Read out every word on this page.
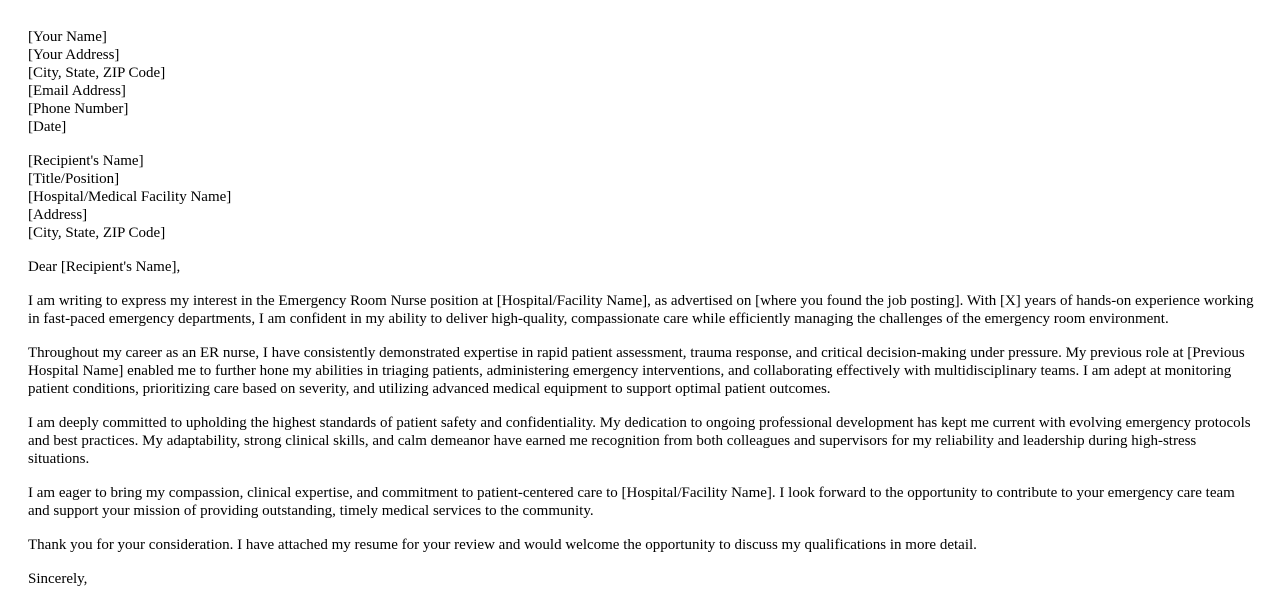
[Your Name]
[Your Address]
[City, State, ZIP Code]
[Email Address]
[Phone Number]
[Date]
[Recipient's Name]
[Title/Position]
[Hospital/Medical Facility Name]
[Address]
[City, State, ZIP Code]

Dear [Recipient's Name],

I am writing to express my interest in the Emergency Room Nurse position at [Hospital/Facility Name], as advertised on [where you found the job posting]. With [X] years of hands-on experience working in fast-paced emergency departments, I am confident in my ability to deliver high-quality, compassionate care while efficiently managing the challenges of the emergency room environment.

Throughout my career as an ER nurse, I have consistently demonstrated expertise in rapid patient assessment, trauma response, and critical decision-making under pressure. My previous role at [Previous Hospital Name] enabled me to further hone my abilities in triaging patients, administering emergency interventions, and collaborating effectively with multidisciplinary teams. I am adept at monitoring patient conditions, prioritizing care based on severity, and utilizing advanced medical equipment to support optimal patient outcomes.

I am deeply committed to upholding the highest standards of patient safety and confidentiality. My dedication to ongoing professional development has kept me current with evolving emergency protocols and best practices. My adaptability, strong clinical skills, and calm demeanor have earned me recognition from both colleagues and supervisors for my reliability and leadership during high-stress situations.

I am eager to bring my compassion, clinical expertise, and commitment to patient-centered care to [Hospital/Facility Name]. I look forward to the opportunity to contribute to your emergency care team and support your mission of providing outstanding, timely medical services to the community.

Thank you for your consideration. I have attached my resume for your review and would welcome the opportunity to discuss my qualifications in more detail.

Sincerely,
